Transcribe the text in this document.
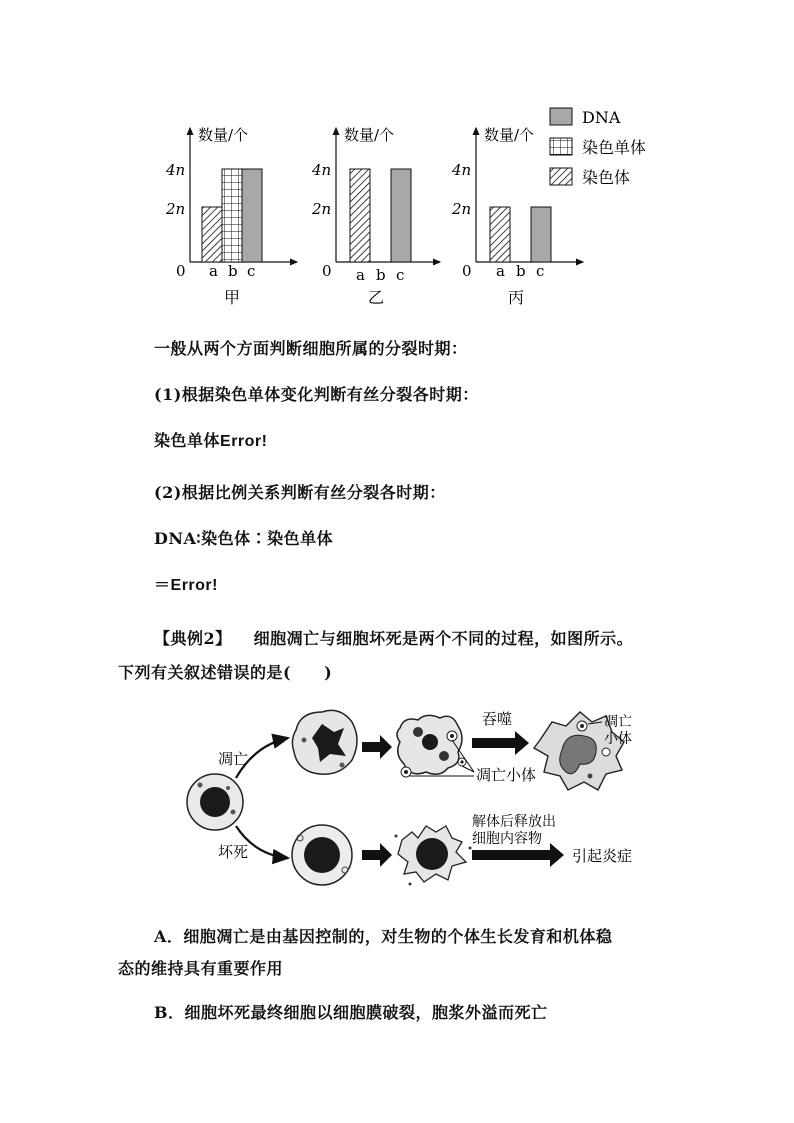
数量/个
0
4n
2n
a b c
甲
数量/个
0
4n
2n
a b c
乙
数量/个
0
4n
2n
a b c
丙
DNA
染色单体
染色体
一般从两个方面判断细胞所属的分裂时期：
(1)根据染色单体变化判断有丝分裂各时期：
染色单体Error!
(2)根据比例关系判断有丝分裂各时期：
DNA∶染色体∶染色单体
＝Error!
【典例2】 细胞凋亡与细胞坏死是两个不同的过程，如图所示。
下列有关叙述错误的是(　　)
凋亡
坏死
吞噬
解体后释放出
细胞内容物
引起炎症
凋亡
小体
凋亡小体
A．细胞凋亡是由基因控制的，对生物的个体生长发育和机体稳
态的维持具有重要作用
B．细胞坏死最终细胞以细胞膜破裂，胞浆外溢而死亡
